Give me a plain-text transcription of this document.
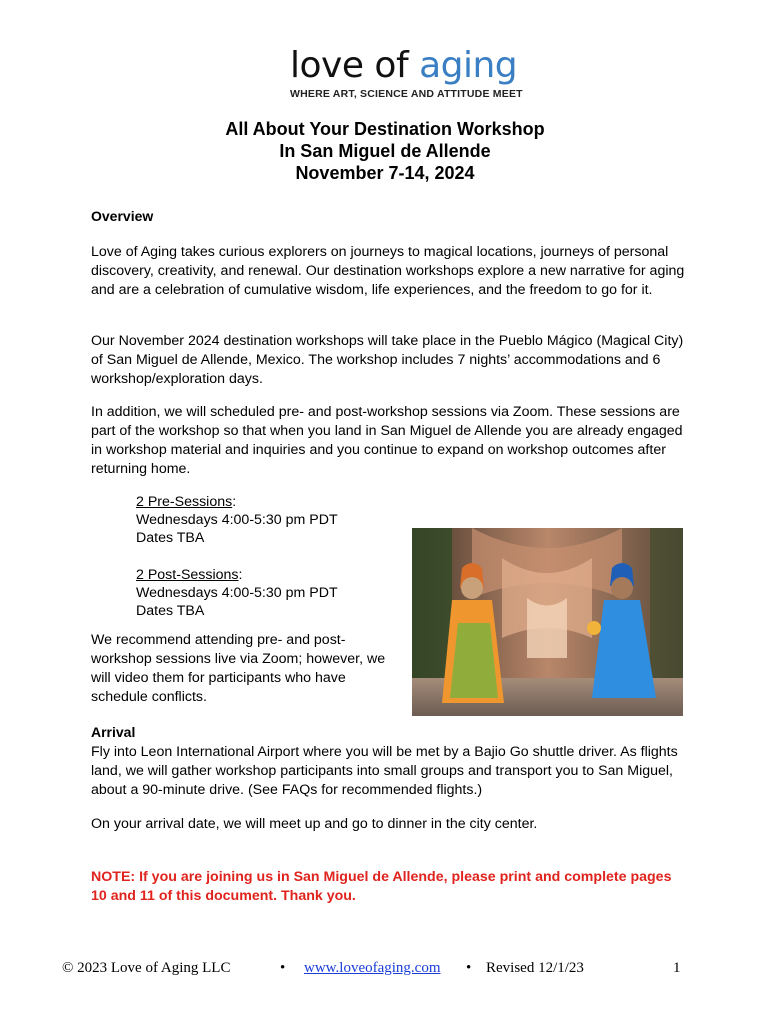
love of aging
WHERE ART, SCIENCE AND ATTITUDE MEET
All About Your Destination Workshop
In San Miguel de Allende
November 7-14, 2024
Overview

Love of Aging takes curious explorers on journeys to magical locations, journeys of personal discovery, creativity, and renewal. Our destination workshops explore a new narrative for aging and are a celebration of cumulative wisdom, life experiences, and the freedom to go for it.

Our November 2024 destination workshops will take place in the Pueblo Mágico (Magical City) of San Miguel de Allende, Mexico. The workshop includes 7 nights’ accommodations and 6 workshop/exploration days.

In addition, we will scheduled pre- and post-workshop sessions via Zoom. These sessions are part of the workshop so that when you land in San Miguel de Allende you are already engaged in workshop material and inquiries and you continue to expand on workshop outcomes after returning home.

2 Pre-Sessions:
Wednesdays 4:00-5:30 pm PDT
Dates TBA
2 Post-Sessions:
Wednesdays 4:00-5:30 pm PDT
Dates TBA

We recommend attending pre- and post-workshop sessions live via Zoom; however, we will video them for participants who have schedule conflicts.

Arrival

Fly into Leon International Airport where you will be met by a Bajio Go shuttle driver. As flights land, we will gather workshop participants into small groups and transport you to San Miguel, about a 90-minute drive. (See FAQs for recommended flights.)

On your arrival date, we will meet up and go to dinner in the city center.

NOTE: If you are joining us in San Miguel de Allende, please print and complete pages 10 and 11 of this document. Thank you.
© 2023 Love of Aging LLC	• www.loveofaging.com • Revised 12/1/23	1
